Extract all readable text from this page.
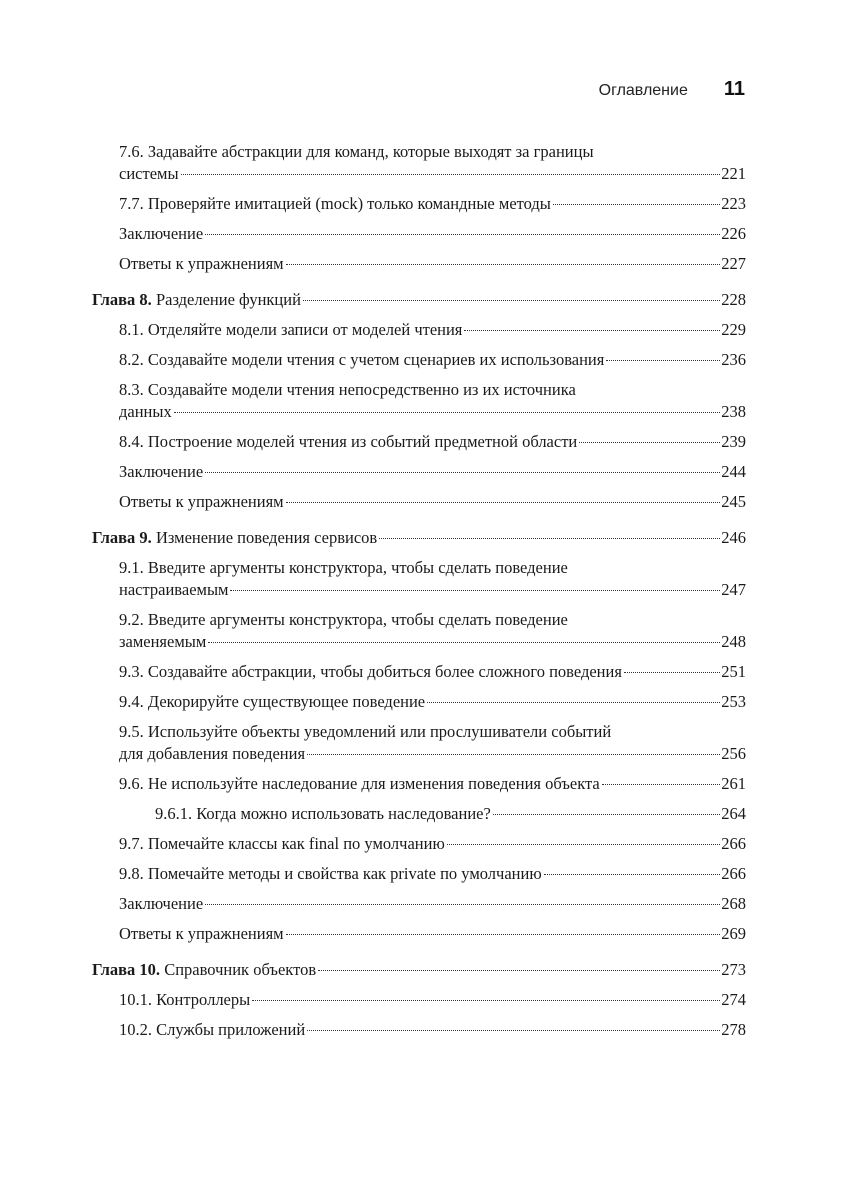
Оглавление 11
7.6. Задавайте абстракции для команд, которые выходят за границы
системы	221
7.7. Проверяйте имитацией (mock) только командные методы	223
Заключение	226
Ответы к упражнениям	227
Глава 8. Разделение функций	228
8.1. Отделяйте модели записи от моделей чтения	229
8.2. Создавайте модели чтения с учетом сценариев их использования	236
8.3. Создавайте модели чтения непосредственно из их источника
данных	238
8.4. Построение моделей чтения из событий предметной области	239
Заключение	244
Ответы к упражнениям	245
Глава 9. Изменение поведения сервисов	246
9.1. Введите аргументы конструктора, чтобы сделать поведение
настраиваемым	247
9.2. Введите аргументы конструктора, чтобы сделать поведение
заменяемым	248
9.3. Создавайте абстракции, чтобы добиться более сложного поведения	251
9.4. Декорируйте существующее поведение	253
9.5. Используйте объекты уведомлений или прослушиватели событий
для добавления поведения	256
9.6. Не используйте наследование для изменения поведения объекта	261
9.6.1. Когда можно использовать наследование?	264
9.7. Помечайте классы как final по умолчанию	266
9.8. Помечайте методы и свойства как private по умолчанию	266
Заключение	268
Ответы к упражнениям	269
Глава 10. Справочник объектов	273
10.1. Контроллеры	274
10.2. Службы приложений	278
